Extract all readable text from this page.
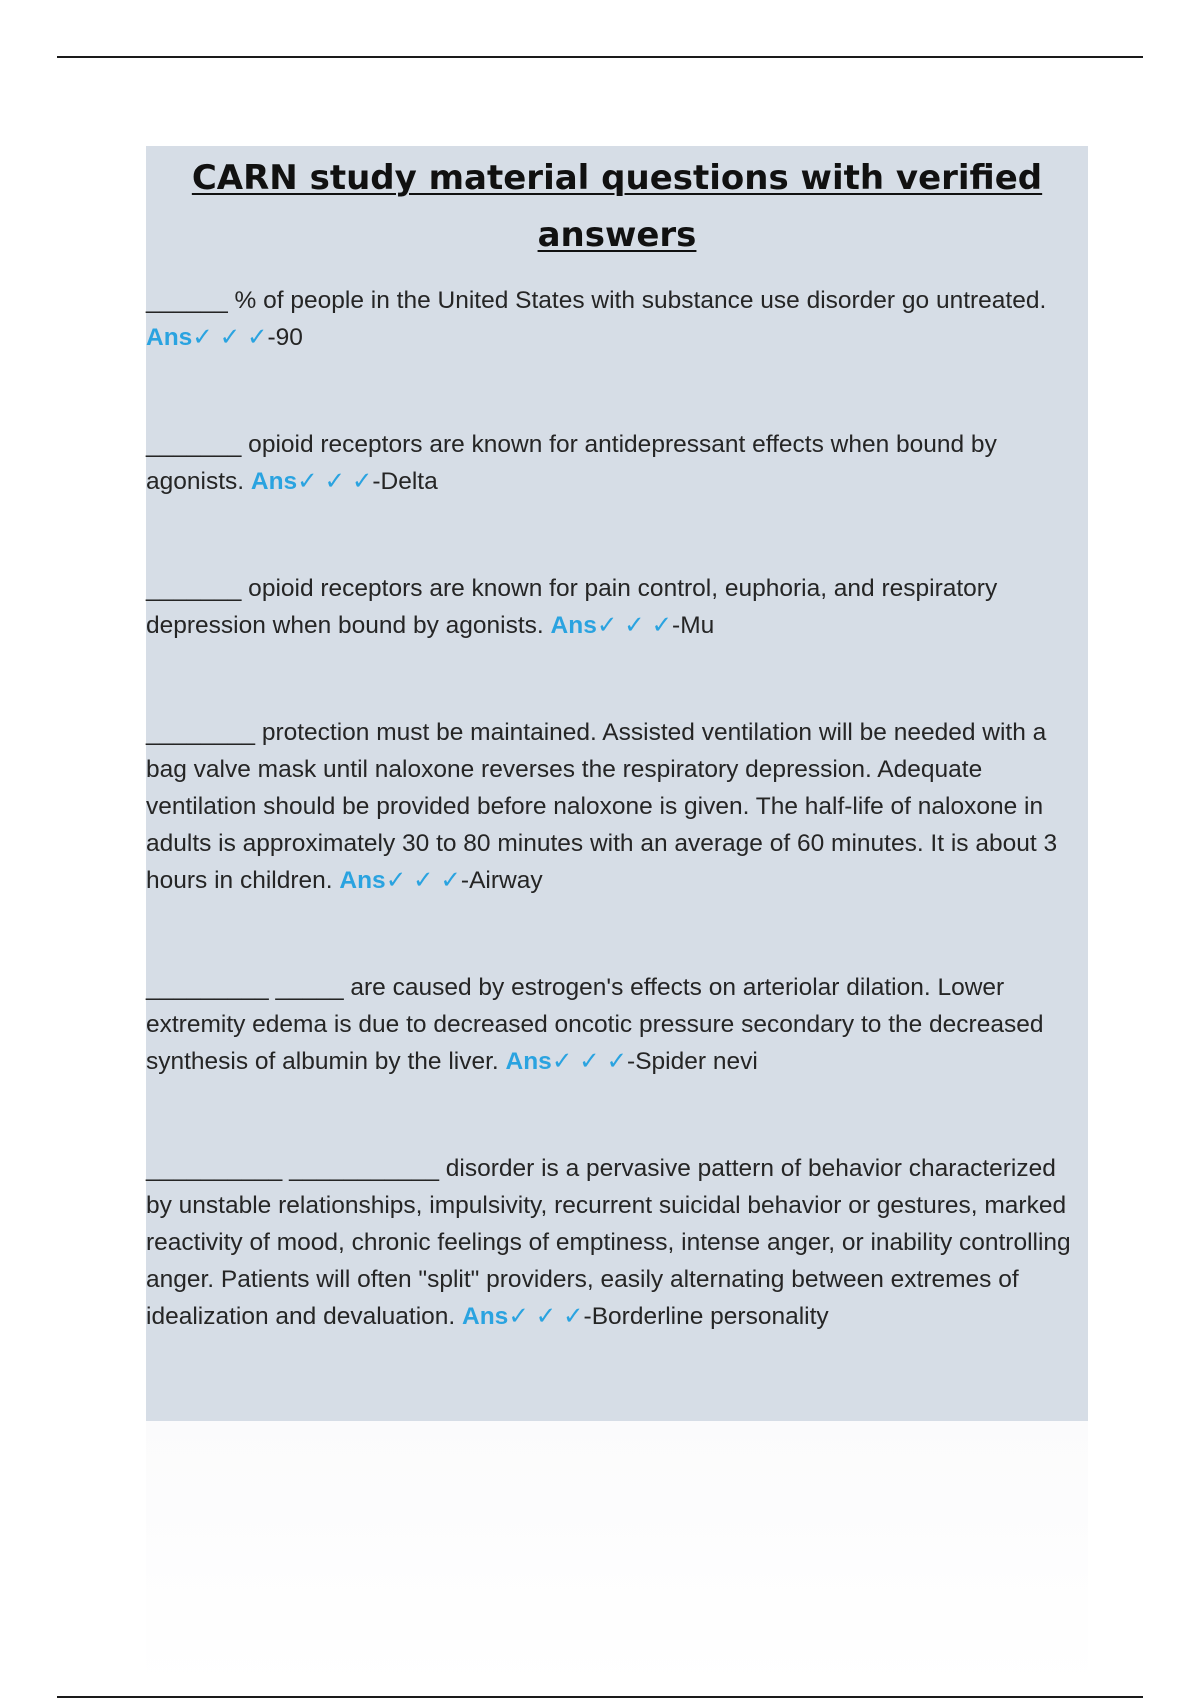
CARN study material questions with verified answers
______ % of people in the United States with substance use disorder go untreated. Ans✓ ✓ ✓-90
_______ opioid receptors are known for antidepressant effects when bound by agonists. Ans✓ ✓ ✓-Delta
_______ opioid receptors are known for pain control, euphoria, and respiratory depression when bound by agonists. Ans✓ ✓ ✓-Mu
________ protection must be maintained. Assisted ventilation will be needed with a bag valve mask until naloxone reverses the respiratory depression. Adequate ventilation should be provided before naloxone is given. The half-life of naloxone in adults is approximately 30 to 80 minutes with an average of 60 minutes. It is about 3 hours in children. Ans✓ ✓ ✓-Airway
_________ _____ are caused by estrogen's effects on arteriolar dilation. Lower extremity edema is due to decreased oncotic pressure secondary to the decreased synthesis of albumin by the liver. Ans✓ ✓ ✓-Spider nevi
__________ ___________ disorder is a pervasive pattern of behavior characterized by unstable relationships, impulsivity, recurrent suicidal behavior or gestures, marked reactivity of mood, chronic feelings of emptiness, intense anger, or inability controlling anger. Patients will often "split" providers, easily alternating between extremes of idealization and devaluation. Ans✓ ✓ ✓-Borderline personality
